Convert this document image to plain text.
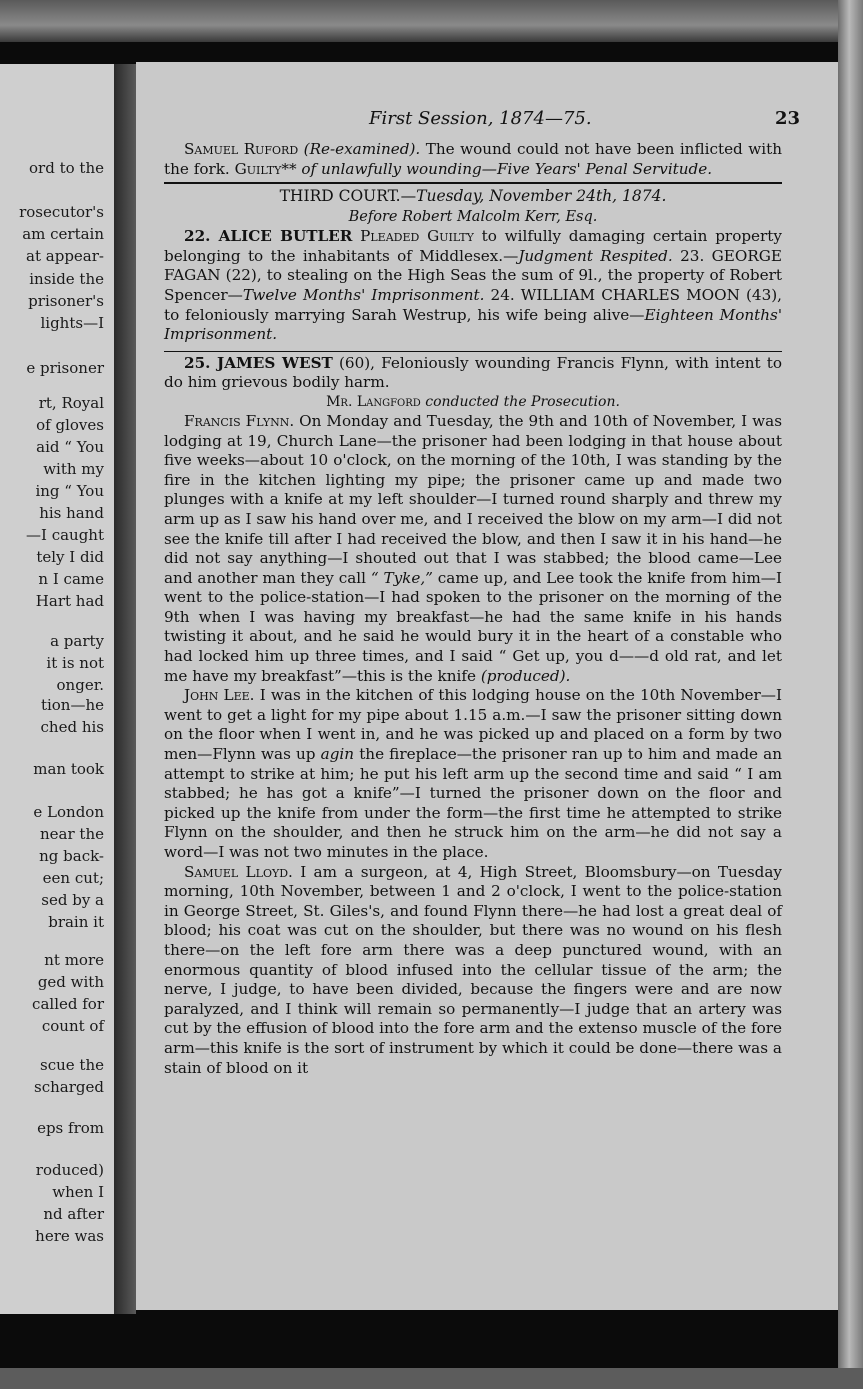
ord to the
rosecutor's
am certain
at appear-
inside the
prisoner's
lights—I
e prisoner
rt, Royal
of gloves
aid “ You
with my
ing “ You
his hand
—I caught
tely I did
n I came
Hart had
a party
it is not
onger.
tion—he
ched his
man took
e London
near the
ng back-
een cut;
sed by a
brain it
nt more
ged with
called for
count of
scue the
scharged
eps from
roduced)
when I
nd after
here was
First Session, 1874—75.	23

Samuel Ruford (Re-examined). The wound could not have been inflicted with the fork. Guilty** of unlawfully wounding—Five Years' Penal Servitude.

THIRD COURT.—Tuesday, November 24th, 1874.
Before Robert Malcolm Kerr, Esq.

22. ALICE BUTLER Pleaded Guilty to wilfully damaging certain property belonging to the inhabitants of Middlesex.—Judgment Respited. 23. GEORGE FAGAN (22), to stealing on the High Seas the sum of 9l., the property of Robert Spencer—Twelve Months' Imprisonment. 24. WILLIAM CHARLES MOON (43), to feloniously marrying Sarah Westrup, his wife being alive—Eighteen Months' Imprisonment.

25. JAMES WEST (60), Feloniously wounding Francis Flynn, with intent to do him grievous bodily harm.

Mr. Langford conducted the Prosecution.

Francis Flynn. On Monday and Tuesday, the 9th and 10th of November, I was lodging at 19, Church Lane—the prisoner had been lodging in that house about five weeks—about 10 o'clock, on the morning of the 10th, I was standing by the fire in the kitchen lighting my pipe; the prisoner came up and made two plunges with a knife at my left shoulder—I turned round sharply and threw my arm up as I saw his hand over me, and I received the blow on my arm—I did not see the knife till after I had received the blow, and then I saw it in his hand—he did not say anything—I shouted out that I was stabbed; the blood came—Lee and another man they call “ Tyke,” came up, and Lee took the knife from him—I went to the police-station—I had spoken to the prisoner on the morning of the 9th when I was having my breakfast—he had the same knife in his hands twisting it about, and he said he would bury it in the heart of a constable who had locked him up three times, and I said “ Get up, you d——d old rat, and let me have my breakfast”—this is the knife (produced).

John Lee. I was in the kitchen of this lodging house on the 10th November—I went to get a light for my pipe about 1.15 a.m.—I saw the prisoner sitting down on the floor when I went in, and he was picked up and placed on a form by two men—Flynn was up agin the fireplace—the prisoner ran up to him and made an attempt to strike at him; he put his left arm up the second time and said “ I am stabbed; he has got a knife”—I turned the prisoner down on the floor and picked up the knife from under the form—the first time he attempted to strike Flynn on the shoulder, and then he struck him on the arm—he did not say a word—I was not two minutes in the place.

Samuel Lloyd. I am a surgeon, at 4, High Street, Bloomsbury—on Tuesday morning, 10th November, between 1 and 2 o'clock, I went to the police-station in George Street, St. Giles's, and found Flynn there—he had lost a great deal of blood; his coat was cut on the shoulder, but there was no wound on his flesh there—on the left fore arm there was a deep punctured wound, with an enormous quantity of blood infused into the cellular tissue of the arm; the nerve, I judge, to have been divided, because the fingers were and are now paralyzed, and I think will remain so permanently—I judge that an artery was cut by the effusion of blood into the fore arm and the extenso muscle of the fore arm—this knife is the sort of instrument by which it could be done—there was a stain of blood on it
